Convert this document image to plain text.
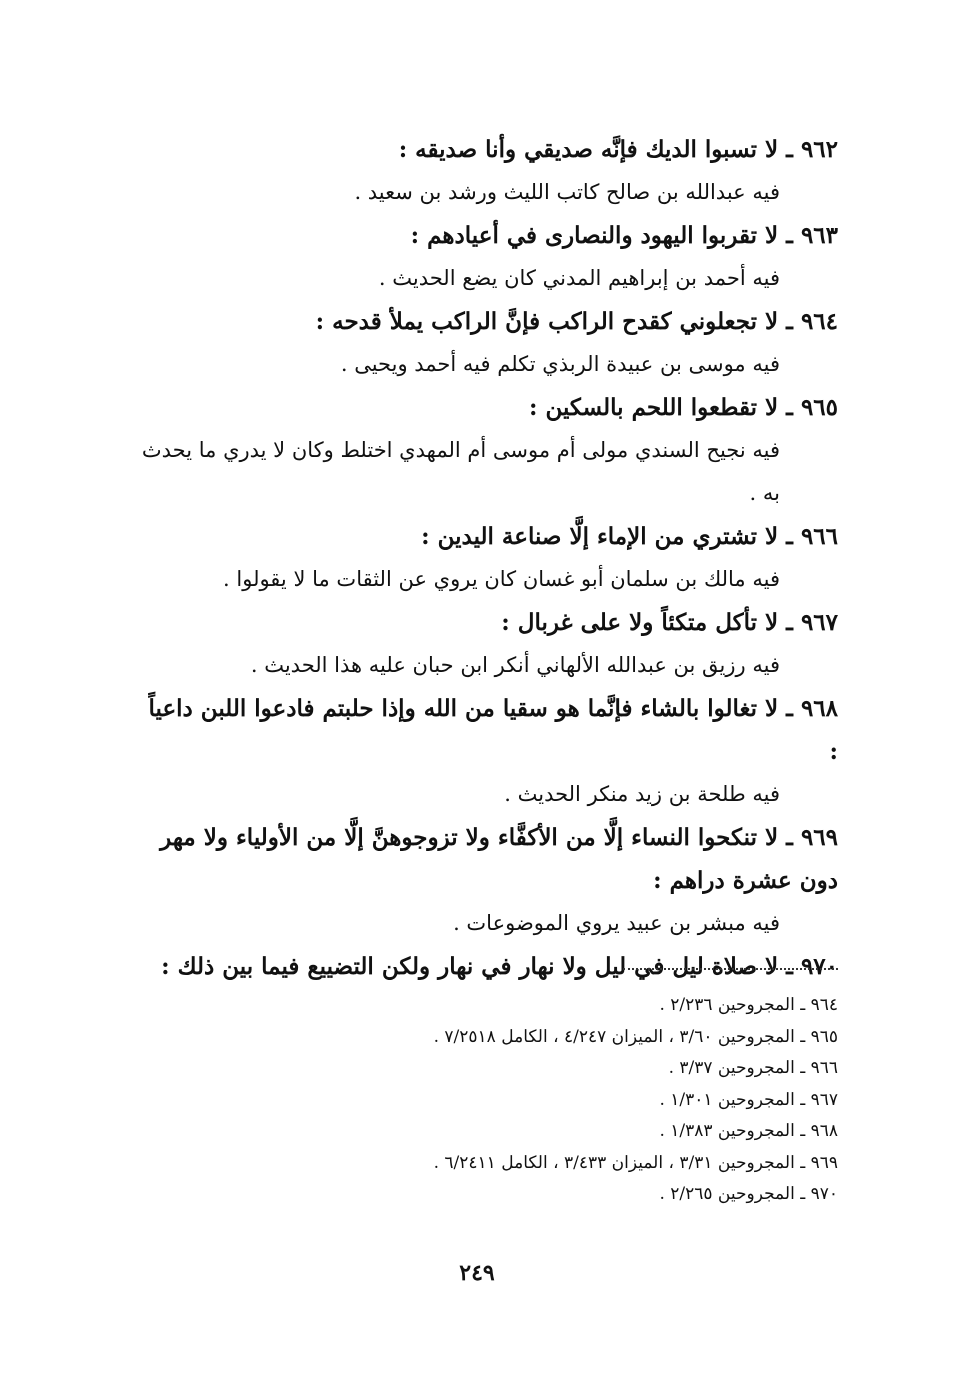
٩٦٢ ـ لا تسبوا الديك فإنَّه صديقي وأنا صديقه :
فيه عبدالله بن صالح كاتب الليث ورشد بن سعيد .
٩٦٣ ـ لا تقربوا اليهود والنصارى في أعيادهم :
فيه أحمد بن إبراهيم المدني كان يضع الحديث .
٩٦٤ ـ لا تجعلوني كقدح الراكب فإنَّ الراكب يملأ قدحه :
فيه موسى بن عبيدة الربذي تكلم فيه أحمد ويحيى .
٩٦٥ ـ لا تقطعوا اللحم بالسكين :
فيه نجيح السندي مولى أم موسى أم المهدي اختلط وكان لا يدري ما يحدث به .
٩٦٦ ـ لا تشتري من الإماء إلَّا صناعة اليدين :
فيه مالك بن سلمان أبو غسان كان يروي عن الثقات ما لا يقولوا .
٩٦٧ ـ لا تأكل متكئاً ولا على غربال :
فيه رزيق بن عبدالله الألهاني أنكر ابن حبان عليه هذا الحديث .
٩٦٨ ـ لا تغالوا بالشاء فإنَّما هو سقيا من الله وإذا حلبتم فادعوا اللبن داعياً :
فيه طلحة بن زيد منكر الحديث .
٩٦٩ ـ لا تنكحوا النساء إلَّا من الأكفَّاء ولا تزوجوهنَّ إلَّا من الأولياء ولا مهر دون عشرة دراهم :
فيه مبشر بن عبيد يروي الموضوعات .
٩٧٠ ـ لا صلاة ليل في ليل ولا نهار في نهار ولكن التضييع فيما بين ذلك :
٩٦٤ ـ المجروحين ٢/٢٣٦ .
٩٦٥ ـ المجروحين ٣/٦٠ ، الميزان ٤/٢٤٧ ، الكامل ٧/٢٥١٨ .
٩٦٦ ـ المجروحين ٣/٣٧ .
٩٦٧ ـ المجروحين ١/٣٠١ .
٩٦٨ ـ المجروحين ١/٣٨٣ .
٩٦٩ ـ المجروحين ٣/٣١ ، الميزان ٣/٤٣٣ ، الكامل ٦/٢٤١١ .
٩٧٠ ـ المجروحين ٢/٢٦٥ .
٢٤٩
